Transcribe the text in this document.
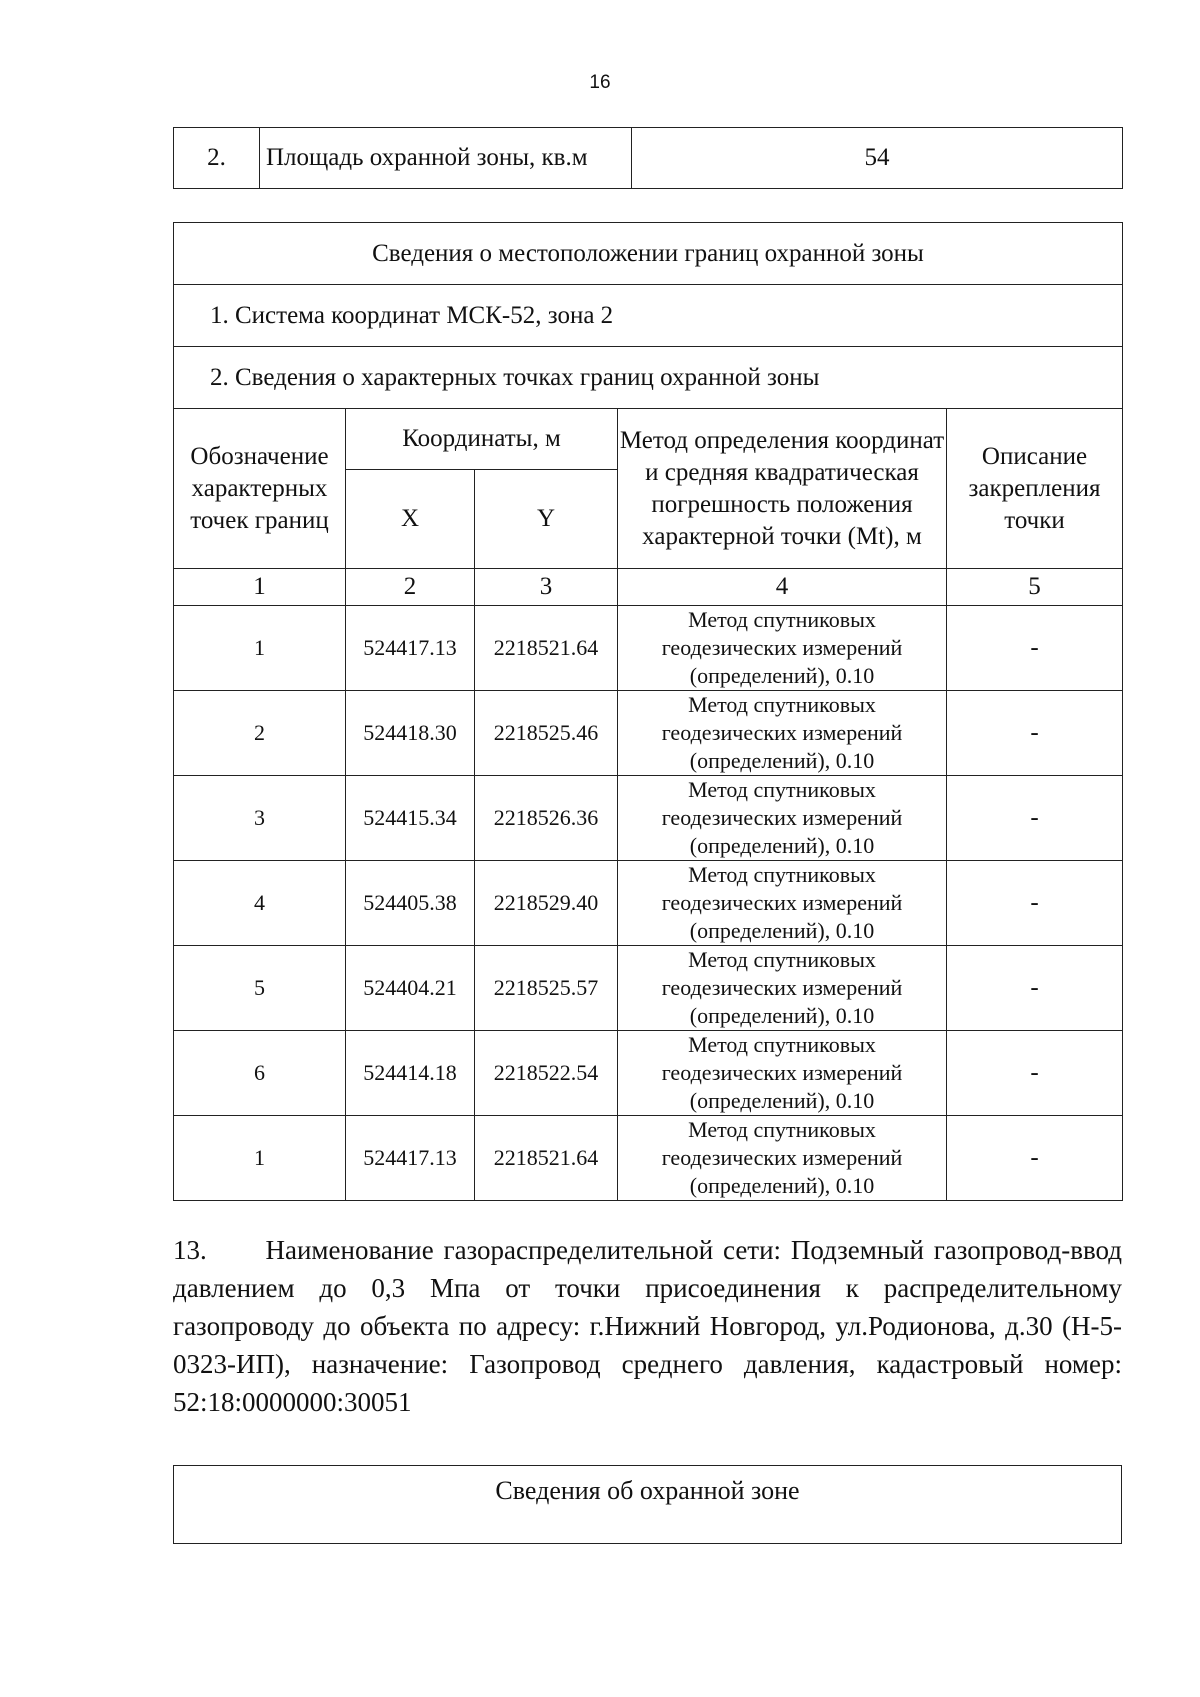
16
2.	Площадь охранной зоны, кв.м	54
Сведения о местоположении границ охранной зоны				
1. Система координат МСК-52, зона 2				
2. Сведения о характерных точках границ охранной зоны				
Обозначение характерных точек границ	Координаты, м		Метод определения координат и средняя квадратическая погрешность положения характерной точки (Mt), м	Описание закрепления точки
	X	Y		
1	2	3	4	5
1	524417.13	2218521.64	Метод спутниковых геодезических измерений (определений), 0.10	-
2	524418.30	2218525.46	Метод спутниковых геодезических измерений (определений), 0.10	-
3	524415.34	2218526.36	Метод спутниковых геодезических измерений (определений), 0.10	-
4	524405.38	2218529.40	Метод спутниковых геодезических измерений (определений), 0.10	-
5	524404.21	2218525.57	Метод спутниковых геодезических измерений (определений), 0.10	-
6	524414.18	2218522.54	Метод спутниковых геодезических измерений (определений), 0.10	-
1	524417.13	2218521.64	Метод спутниковых геодезических измерений (определений), 0.10	-

13.      Наименование газораспределительной сети: Подземный газопровод-ввод давлением до 0,3 Мпа от точки присоединения к распределительному газопроводу до объекта по адресу: г.Нижний Новгород, ул.Родионова, д.30 (Н-5-0323-ИП), назначение: Газопровод среднего давления, кадастровый номер: 52:18:0000000:30051

Сведения об охранной зоне
